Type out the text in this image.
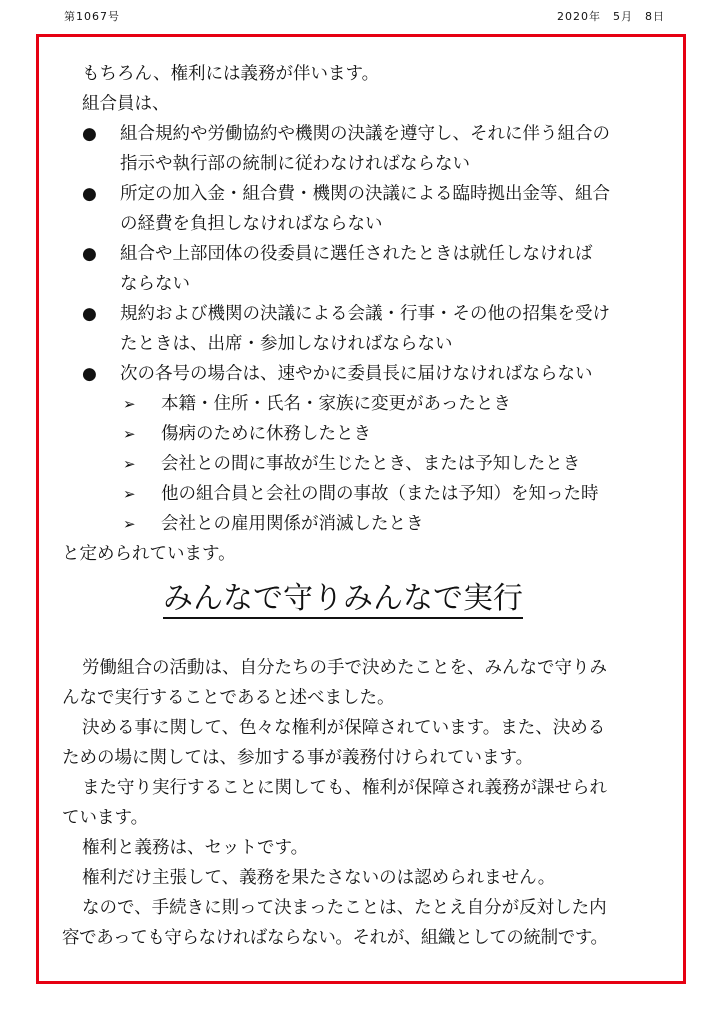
第1067号	2020年　5月　8日
もちろん、権利には義務が伴います。
組合員は、
● 組合規約や労働協約や機関の決議を遵守し、それに伴う組合の
指示や執行部の統制に従わなければならない
● 所定の加入金・組合費・機関の決議による臨時拠出金等、組合
の経費を負担しなければならない
● 組合や上部団体の役委員に選任されたときは就任しなければ
ならない
● 規約および機関の決議による会議・行事・その他の招集を受け
たときは、出席・参加しなければならない
● 次の各号の場合は、速やかに委員長に届けなければならない
➢ 本籍・住所・氏名・家族に変更があったとき
➢ 傷病のために休務したとき
➢ 会社との間に事故が生じたとき、または予知したとき
➢ 他の組合員と会社の間の事故（または予知）を知った時
➢ 会社との雇用関係が消滅したとき
と定められています。
みんなで守りみんなで実行
労働組合の活動は、自分たちの手で決めたことを、みんなで守りみ
んなで実行することであると述べました。
決める事に関して、色々な権利が保障されています。また、決める
ための場に関しては、参加する事が義務付けられています。
また守り実行することに関しても、権利が保障され義務が課せられ
ています。
権利と義務は、セットです。
権利だけ主張して、義務を果たさないのは認められません。
なので、手続きに則って決まったことは、たとえ自分が反対した内
容であっても守らなければならない。それが、組織としての統制です。
